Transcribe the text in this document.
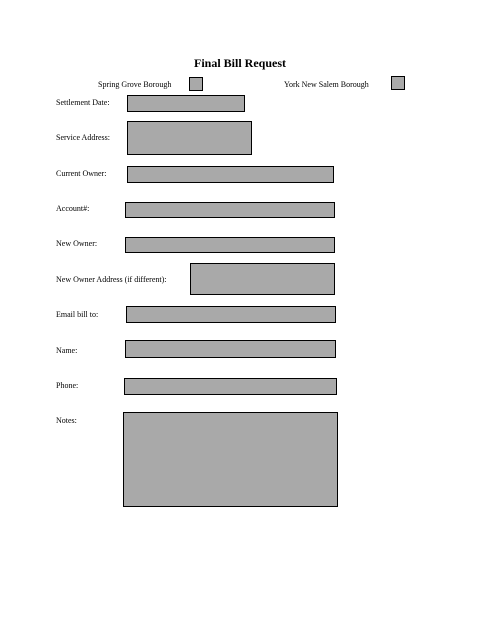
Final Bill Request
Spring Grove Borough	York New Salem Borough
Settlement Date:
Service Address:
Current Owner:
Account#:
New Owner:
New Owner Address (if different):
Email bill to:
Name:
Phone:
Notes:
